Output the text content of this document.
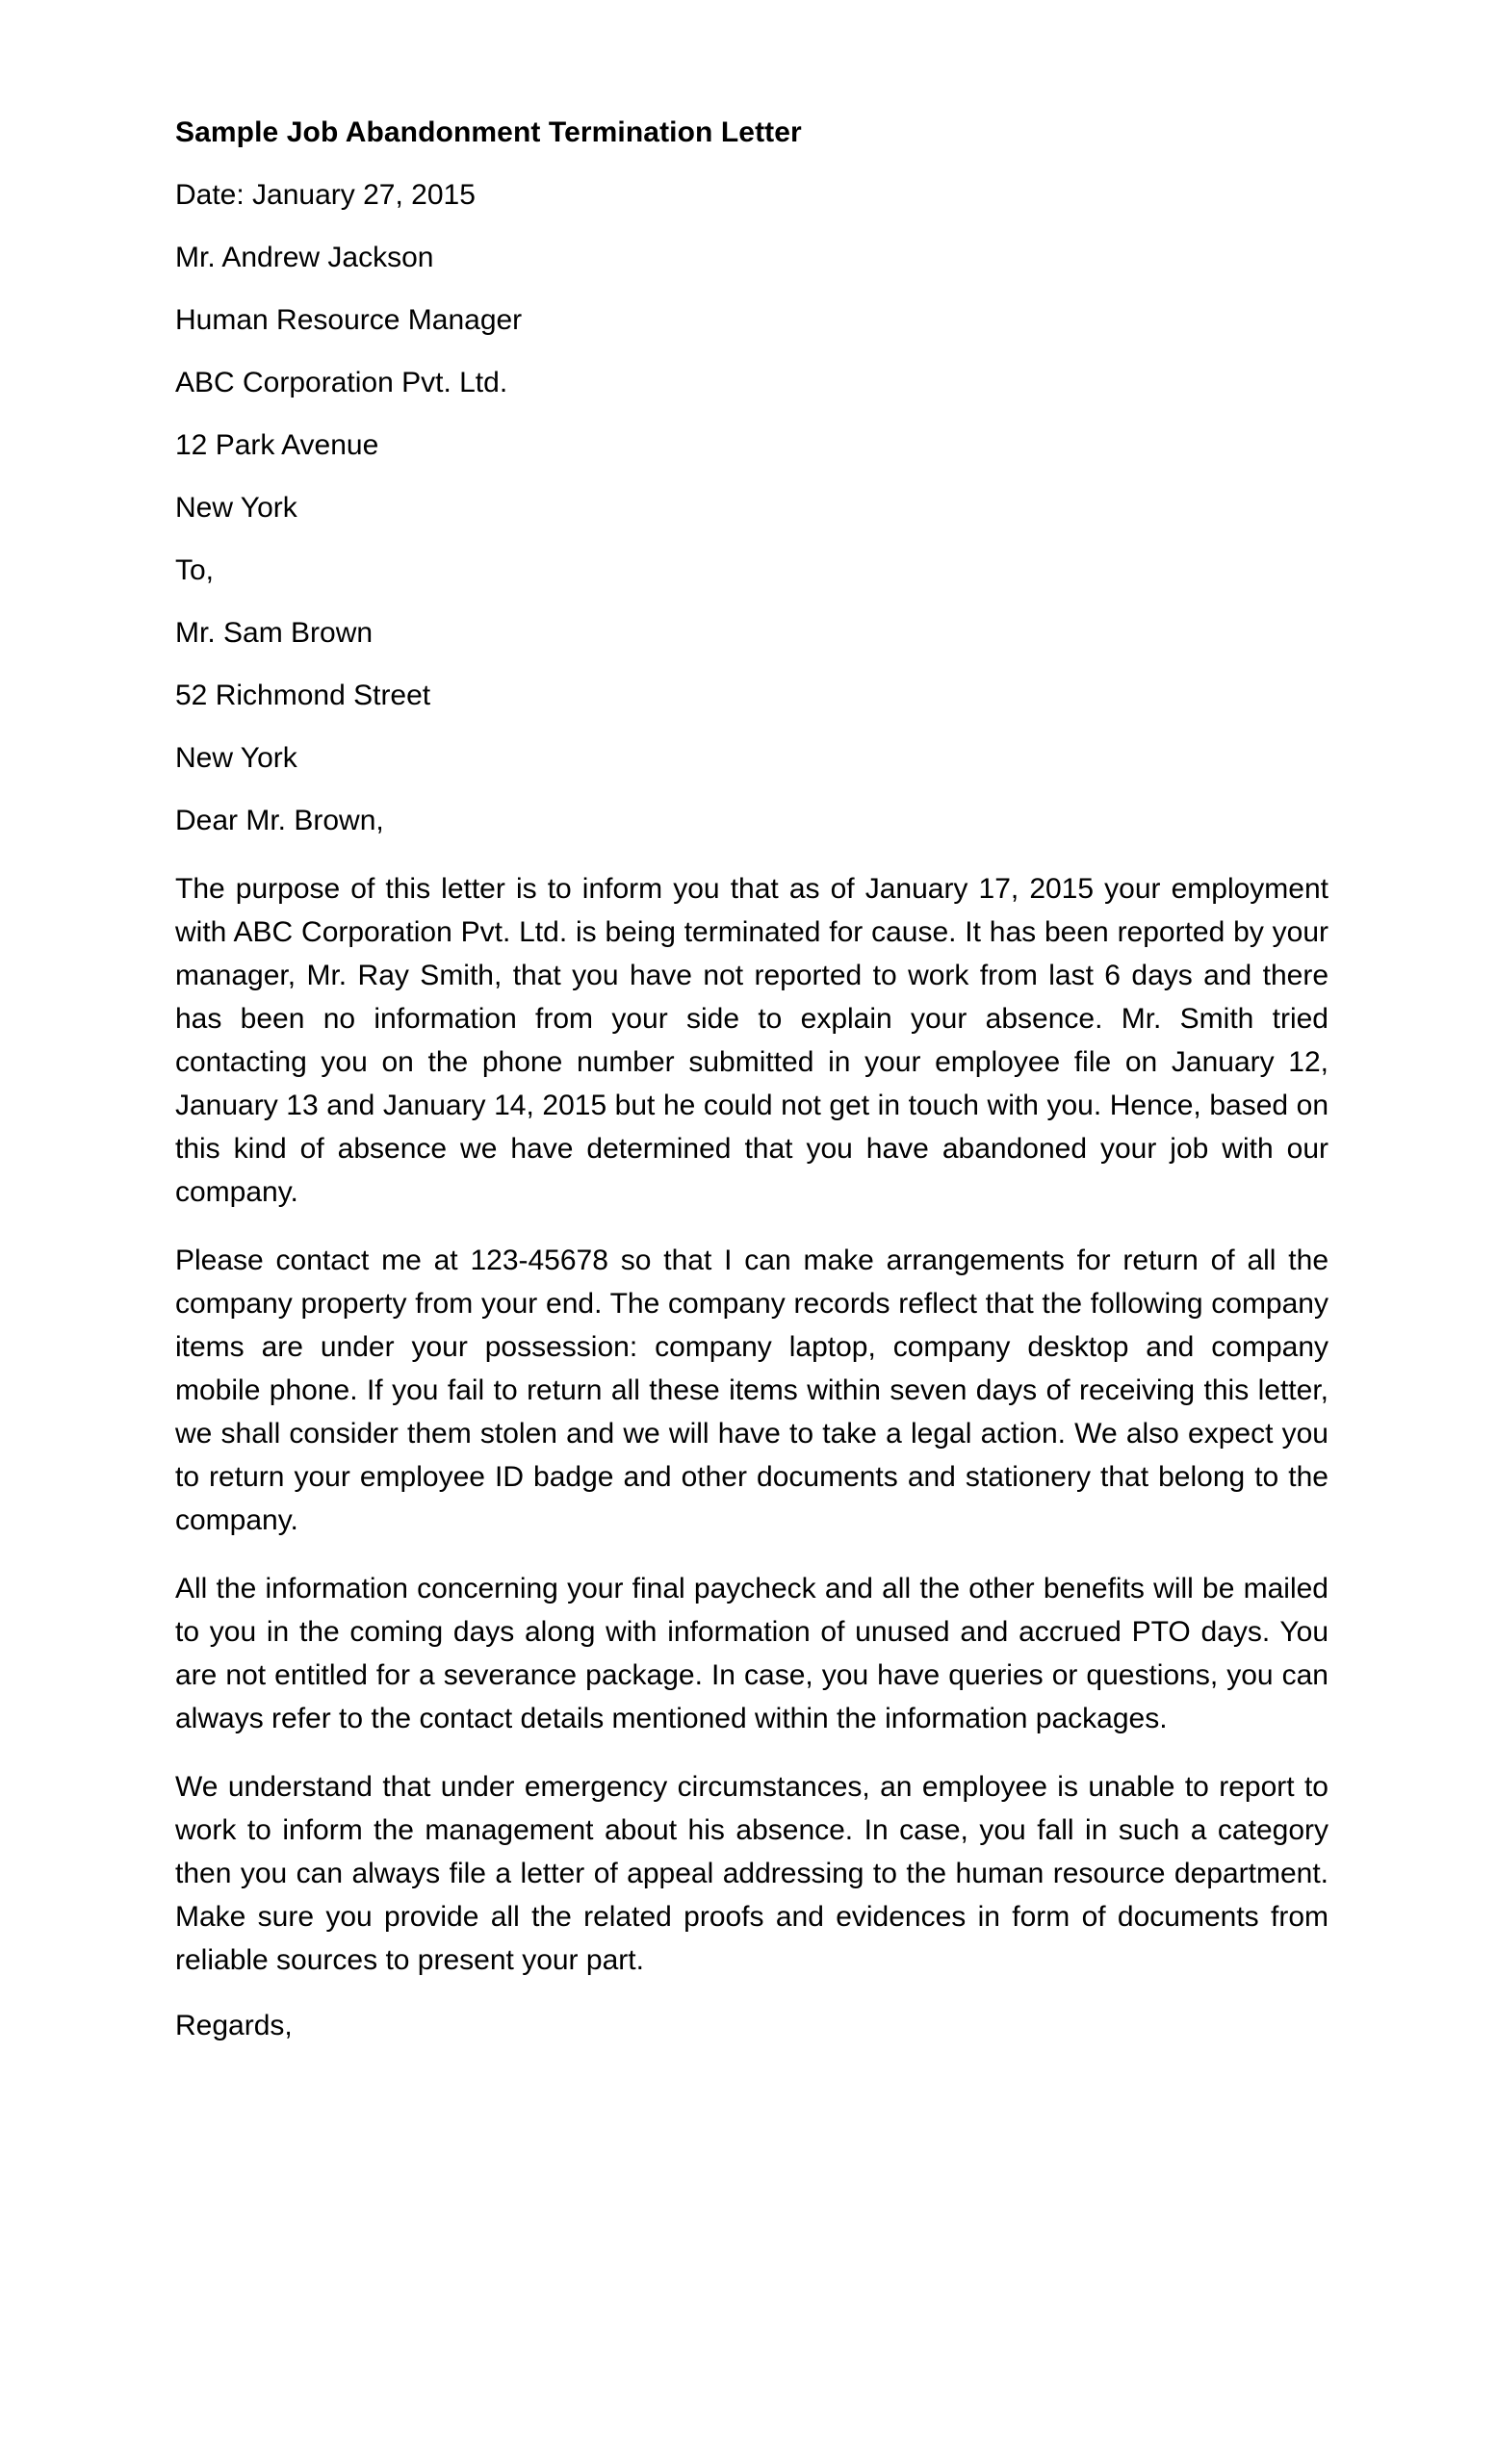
Sample Job Abandonment Termination Letter

Date: January 27, 2015

Mr. Andrew Jackson

Human Resource Manager

ABC Corporation Pvt. Ltd.

12 Park Avenue

New York

To,

Mr. Sam Brown

52 Richmond Street

New York

Dear Mr. Brown,

The purpose of this letter is to inform you that as of January 17, 2015 your employment with ABC Corporation Pvt. Ltd. is being terminated for cause. It has been reported by your manager, Mr. Ray Smith, that you have not reported to work from last 6 days and there has been no information from your side to explain your absence. Mr. Smith tried contacting you on the phone number submitted in your employee file on January 12, January 13 and January 14, 2015 but he could not get in touch with you. Hence, based on this kind of absence we have determined that you have abandoned your job with our company.

Please contact me at 123-45678 so that I can make arrangements for return of all the company property from your end. The company records reflect that the following company items are under your possession: company laptop, company desktop and company mobile phone. If you fail to return all these items within seven days of receiving this letter, we shall consider them stolen and we will have to take a legal action. We also expect you to return your employee ID badge and other documents and stationery that belong to the company.

All the information concerning your final paycheck and all the other benefits will be mailed to you in the coming days along with information of unused and accrued PTO days. You are not entitled for a severance package. In case, you have queries or questions, you can always refer to the contact details mentioned within the information packages.

We understand that under emergency circumstances, an employee is unable to report to work to inform the management about his absence. In case, you fall in such a category then you can always file a letter of appeal addressing to the human resource department. Make sure you provide all the related proofs and evidences in form of documents from reliable sources to present your part.

Regards,
